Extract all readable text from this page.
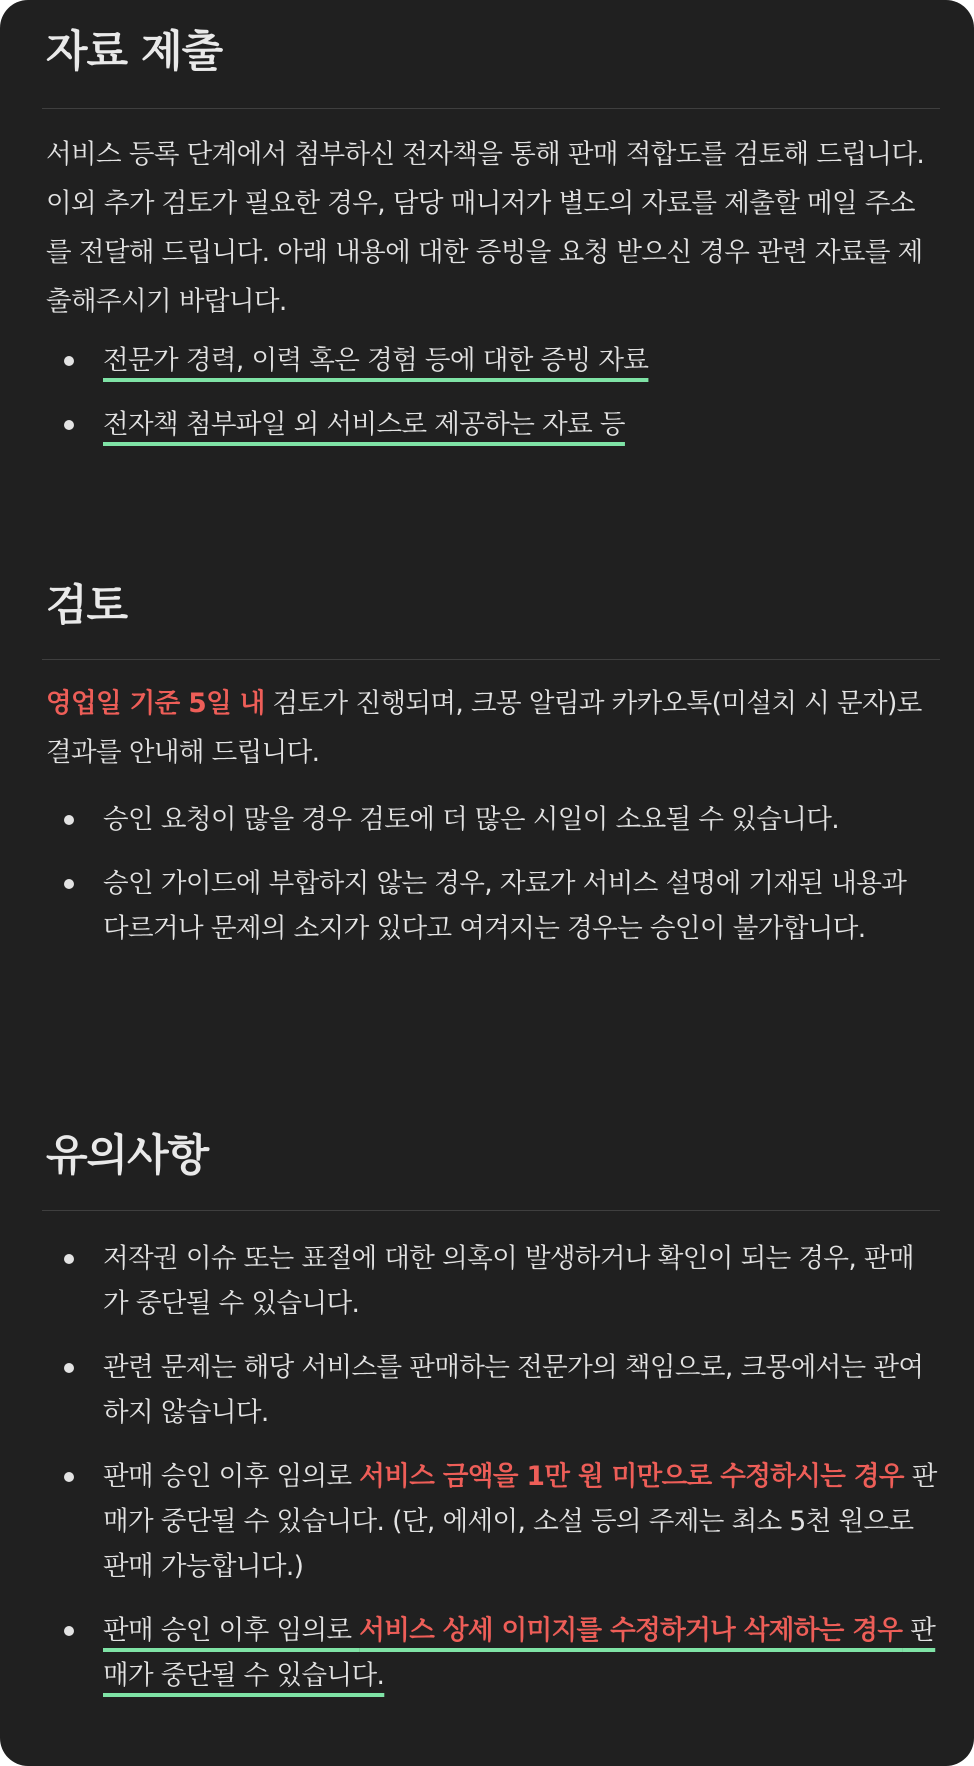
자료 제출

서비스 등록 단계에서 첨부하신 전자책을 통해 판매 적합도를 검토해 드립니다. 이외 추가 검토가 필요한 경우, 담당 매니저가 별도의 자료를 제출할 메일 주소를 전달해 드립니다. 아래 내용에 대한 증빙을 요청 받으신 경우 관련 자료를 제출해주시기 바랍니다.

전문가 경력, 이력 혹은 경험 등에 대한 증빙 자료
전자책 첨부파일 외 서비스로 제공하는 자료 등
검토

영업일 기준 5일 내 검토가 진행되며, 크몽 알림과 카카오톡(미설치 시 문자)로 결과를 안내해 드립니다.

승인 요청이 많을 경우 검토에 더 많은 시일이 소요될 수 있습니다.
승인 가이드에 부합하지 않는 경우, 자료가 서비스 설명에 기재된 내용과 다르거나 문제의 소지가 있다고 여겨지는 경우는 승인이 불가합니다.
유의사항
저작권 이슈 또는 표절에 대한 의혹이 발생하거나 확인이 되는 경우, 판매가 중단될 수 있습니다.
관련 문제는 해당 서비스를 판매하는 전문가의 책임으로, 크몽에서는 관여하지 않습니다.
판매 승인 이후 임의로 서비스 금액을 1만 원 미만으로 수정하시는 경우 판매가 중단될 수 있습니다. (단, 에세이, 소설 등의 주제는 최소 5천 원으로 판매 가능합니다.)
판매 승인 이후 임의로 서비스 상세 이미지를 수정하거나 삭제하는 경우 판매가 중단될 수 있습니다.
